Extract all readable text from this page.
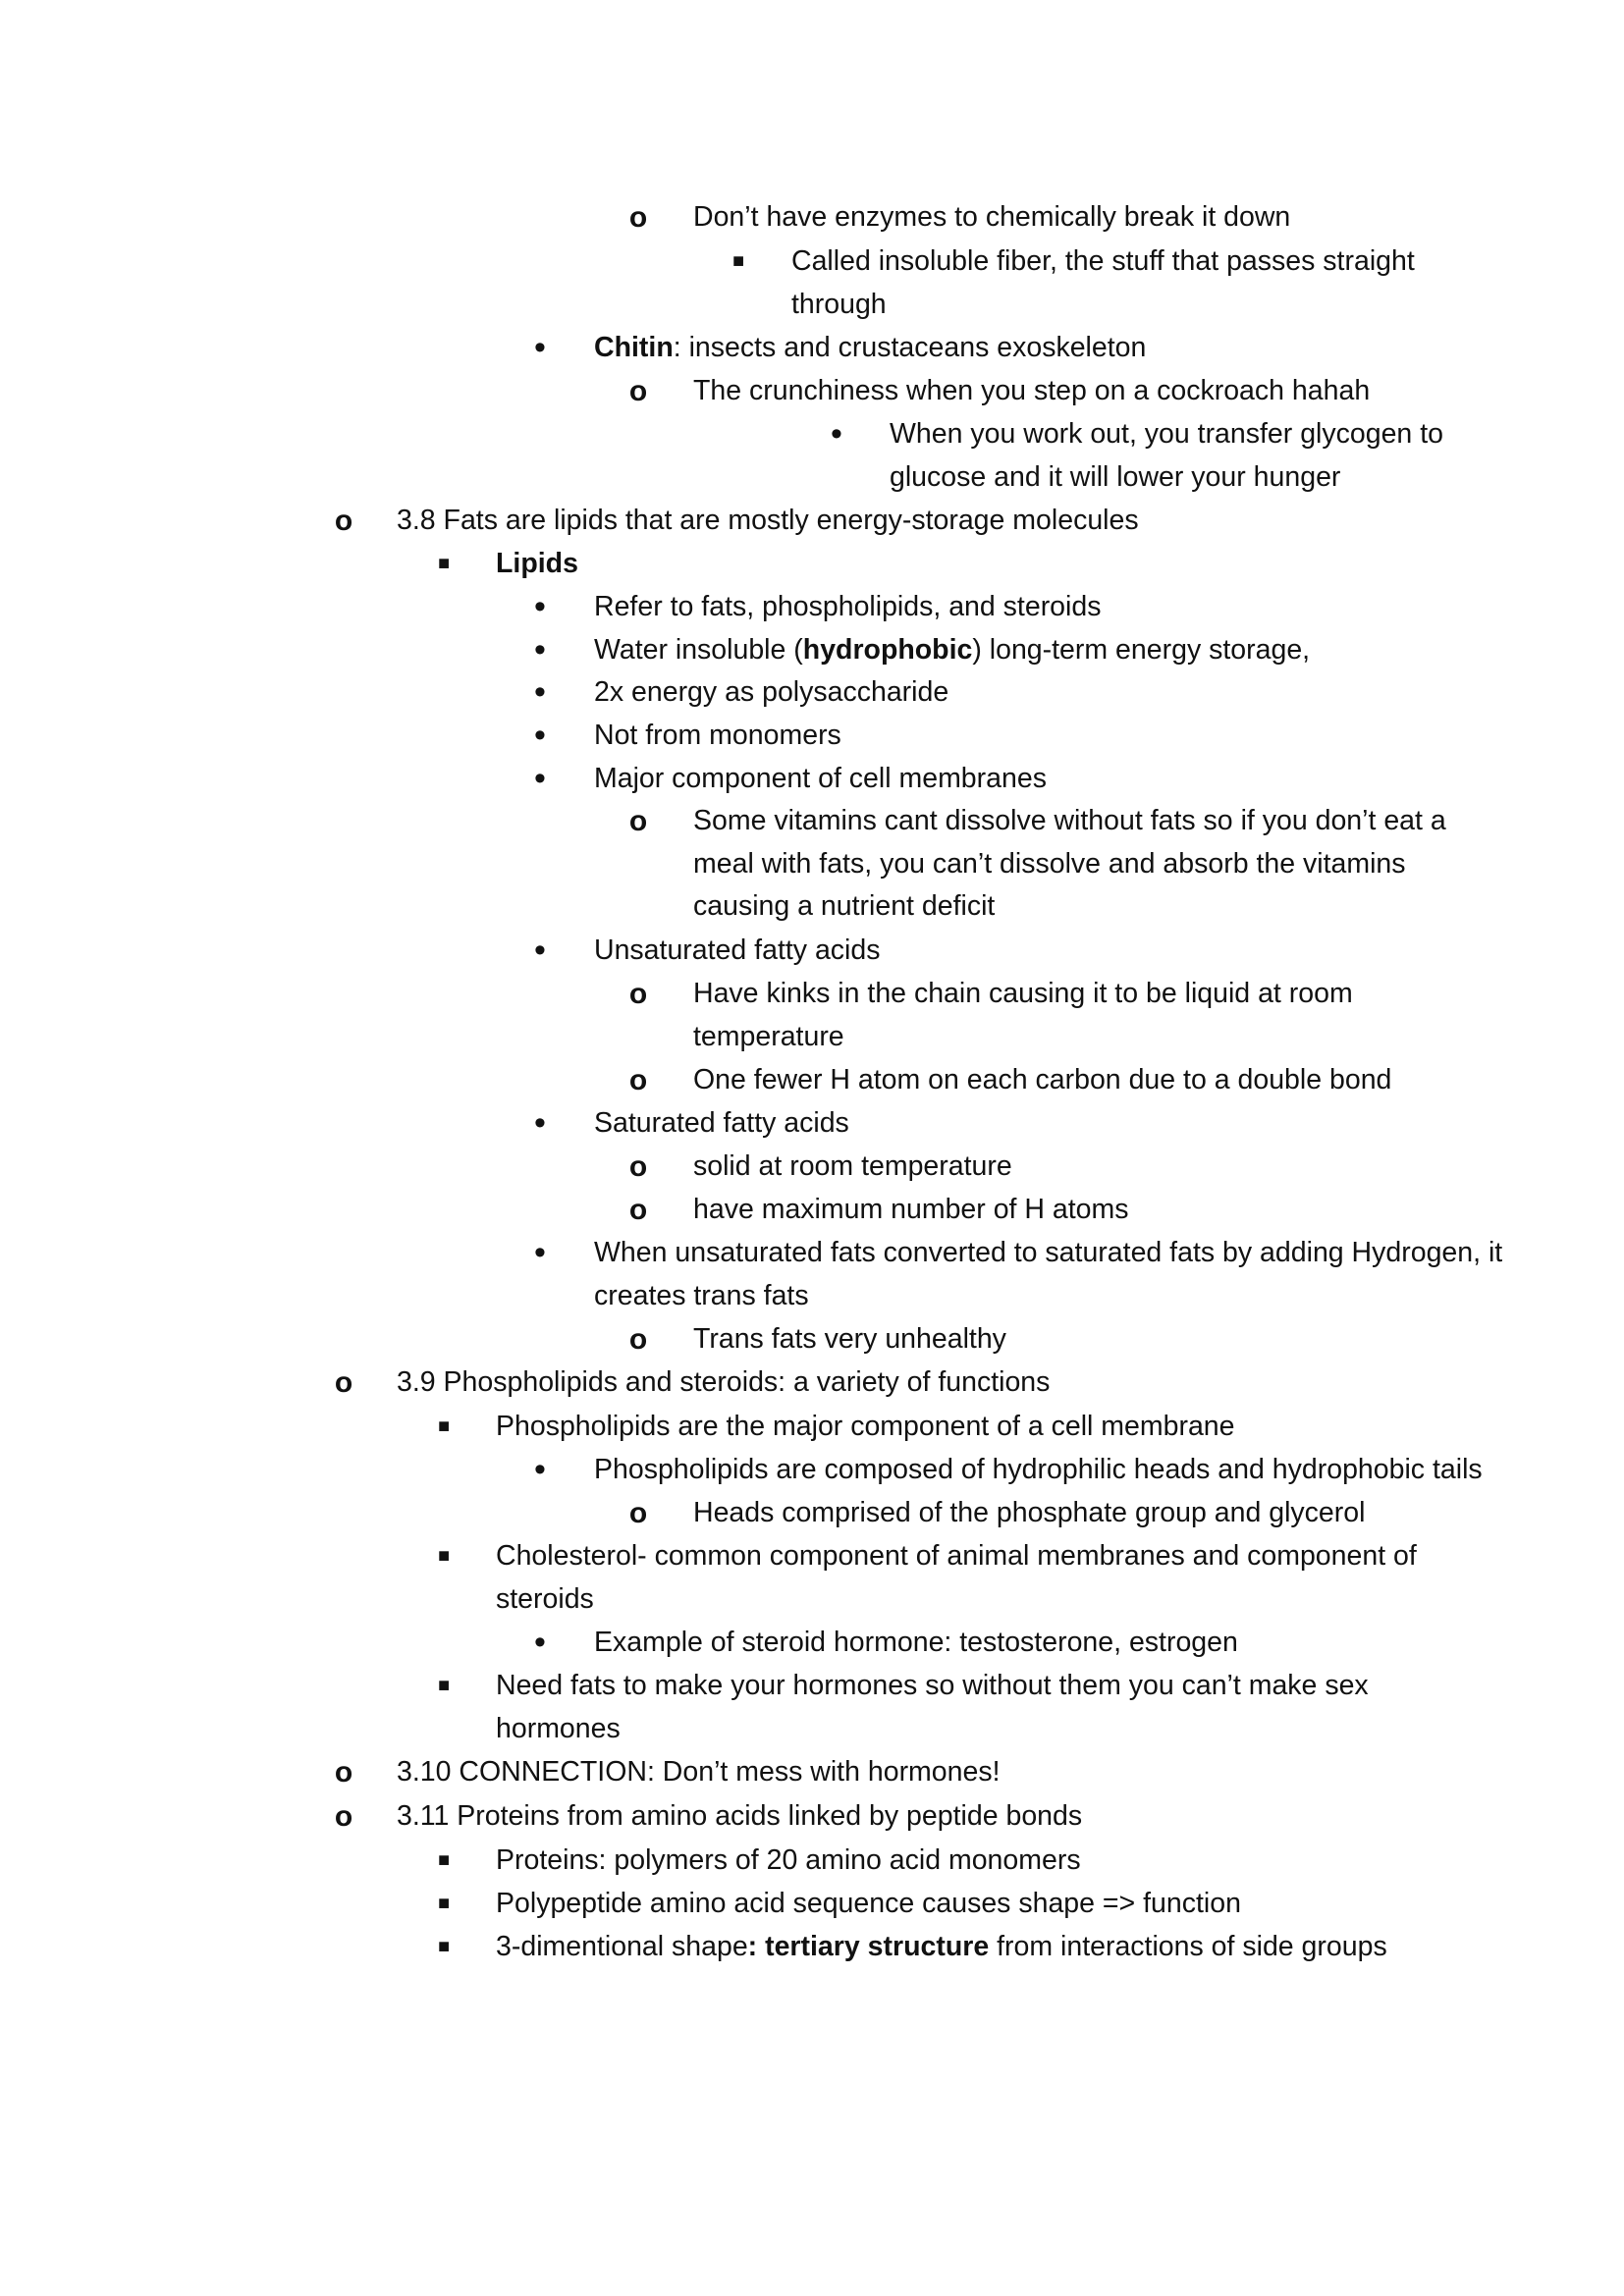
o Don’t have enzymes to chemically break it down
■	Called insoluble fiber, the stuff that passes straight through
•	Chitin: insects and crustaceans exoskeleton
o The crunchiness when you step on a cockroach hahah
•	When you work out, you transfer glycogen to glucose and it will lower your hunger
o 3.8 Fats are lipids that are mostly energy-storage molecules
■	Lipids
•	Refer to fats, phospholipids, and steroids
•	Water insoluble (hydrophobic) long-term energy storage,
•	2x energy as polysaccharide
•	Not from monomers
•	Major component of cell membranes
o Some vitamins cant dissolve without fats so if you don’t eat a meal with fats, you can’t dissolve and absorb the vitamins causing a nutrient deficit
•	Unsaturated fatty acids
o Have kinks in the chain causing it to be liquid at room temperature
o One fewer H atom on each carbon due to a double bond
•	Saturated fatty acids
o solid at room temperature
o have maximum number of H atoms
•	When unsaturated fats converted to saturated fats by adding Hydrogen, it creates trans fats
o Trans fats very unhealthy
o 3.9 Phospholipids and steroids: a variety of functions
■	Phospholipids are the major component of a cell membrane
•	Phospholipids are composed of hydrophilic heads and hydrophobic tails
o Heads comprised of the phosphate group and glycerol
■	Cholesterol- common component of animal membranes and component of steroids
•	Example of steroid hormone: testosterone, estrogen
■	Need fats to make your hormones so without them you can’t make sex hormones
o 3.10 CONNECTION: Don’t mess with hormones!
o 3.11 Proteins from amino acids linked by peptide bonds
■	Proteins: polymers of 20 amino acid monomers
■	Polypeptide amino acid sequence causes shape => function
■	3-dimentional shape: tertiary structure from interactions of side groups
